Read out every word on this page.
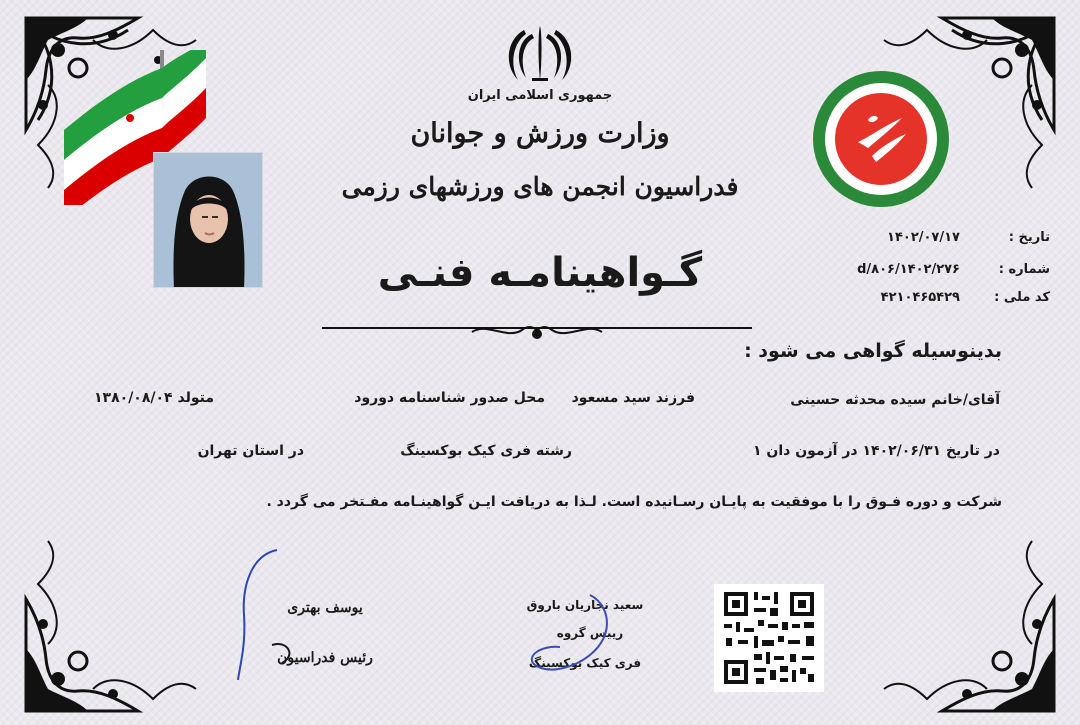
جمهوری اسلامی ایران
وزارت ورزش و جوانان
فدراسیون انجمن های ورزشهای رزمی
تاریخ :
۱۴۰۲/۰۷/۱۷
شماره :
۱۴۰۲/۲۷۶/d/۸۰۶
کد ملی :
۴۲۱۰۴۶۵۴۲۹
گـواهینامـه فنـی
بدینوسیله گواهی می شود :
آقای/خانم سیده محدثه حسینی
فرزند سید مسعود
محل صدور شناسنامه دورود
متولد ۱۳۸۰/۰۸/۰۴
در تاریخ ۱۴۰۲/۰۶/۳۱ در آزمون دان ۱
رشته فری کیک بوکسینگ
در استان تهران
شرکت و دوره فـوق را با موفقیت به پایـان رسـانیده است. لـذا به دریافت ایـن گواهینـامه مفـتخر می گردد .
سعید نجاریان باروق
رییس گروه
فری کیک بوکسینگ
یوسف بهتری
رئیس فدراسیون
